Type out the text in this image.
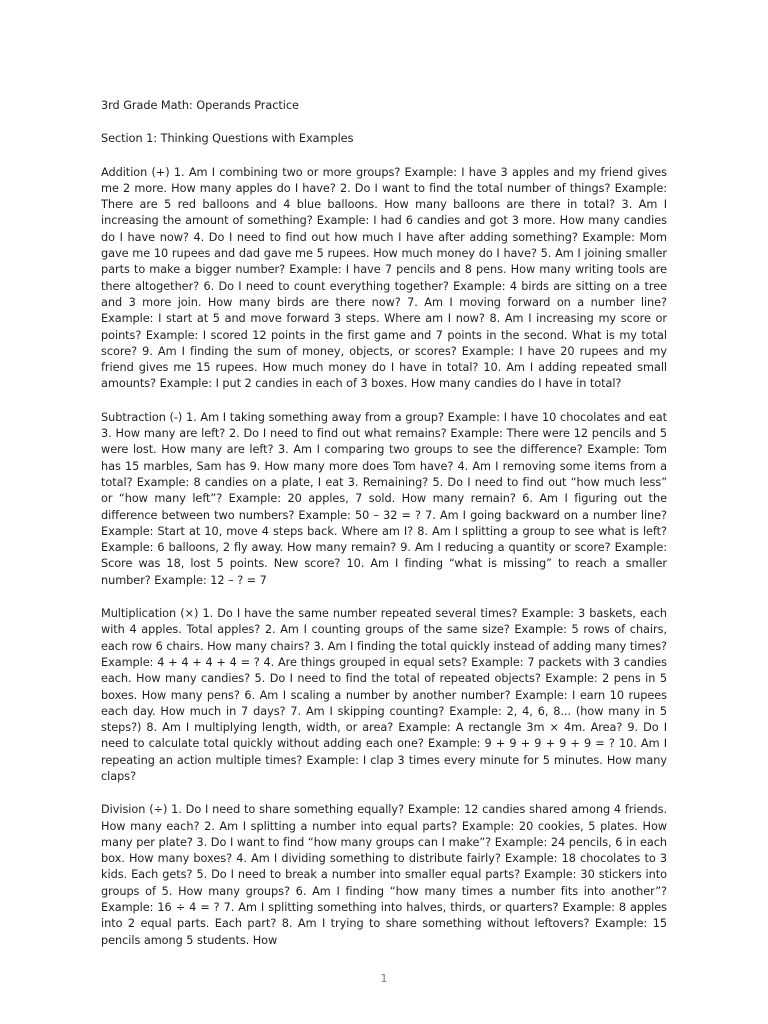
3rd Grade Math: Operands Practice

Section 1: Thinking Questions with Examples

Addition (+) 1. Am I combining two or more groups? Example: I have 3 apples and my friend gives me 2 more. How many apples do I have? 2. Do I want to find the total number of things? Example: There are 5 red balloons and 4 blue balloons. How many balloons are there in total? 3. Am I increasing the amount of something? Example: I had 6 candies and got 3 more. How many candies do I have now? 4. Do I need to find out how much I have after adding something? Example: Mom gave me 10 rupees and dad gave me 5 rupees. How much money do I have? 5. Am I joining smaller parts to make a bigger number? Example: I have 7 pencils and 8 pens. How many writing tools are there altogether? 6. Do I need to count everything together? Example: 4 birds are sitting on a tree and 3 more join. How many birds are there now? 7. Am I moving forward on a number line? Example: I start at 5 and move forward 3 steps. Where am I now? 8. Am I increasing my score or points? Example: I scored 12 points in the first game and 7 points in the second. What is my total score? 9. Am I finding the sum of money, objects, or scores? Example: I have 20 rupees and my friend gives me 15 rupees. How much money do I have in total? 10. Am I adding repeated small amounts? Example: I put 2 candies in each of 3 boxes. How many candies do I have in total?

Subtraction (-) 1. Am I taking something away from a group? Example: I have 10 chocolates and eat 3. How many are left? 2. Do I need to find out what remains? Example: There were 12 pencils and 5 were lost. How many are left? 3. Am I comparing two groups to see the difference? Example: Tom has 15 marbles, Sam has 9. How many more does Tom have? 4. Am I removing some items from a total? Example: 8 candies on a plate, I eat 3. Remaining? 5. Do I need to find out “how much less” or “how many left”? Example: 20 apples, 7 sold. How many remain? 6. Am I figuring out the difference between two numbers? Example: 50 – 32 = ? 7. Am I going backward on a number line? Example: Start at 10, move 4 steps back. Where am I? 8. Am I splitting a group to see what is left? Example: 6 balloons, 2 fly away. How many remain? 9. Am I reducing a quantity or score? Example: Score was 18, lost 5 points. New score? 10. Am I finding “what is missing” to reach a smaller number? Example: 12 – ? = 7

Multiplication (×) 1. Do I have the same number repeated several times? Example: 3 baskets, each with 4 apples. Total apples? 2. Am I counting groups of the same size? Example: 5 rows of chairs, each row 6 chairs. How many chairs? 3. Am I finding the total quickly instead of adding many times? Example: 4 + 4 + 4 + 4 = ? 4. Are things grouped in equal sets? Example: 7 packets with 3 candies each. How many candies? 5. Do I need to find the total of repeated objects? Example: 2 pens in 5 boxes. How many pens? 6. Am I scaling a number by another number? Example: I earn 10 rupees each day. How much in 7 days? 7. Am I skipping counting? Example: 2, 4, 6, 8... (how many in 5 steps?) 8. Am I multiplying length, width, or area? Example: A rectangle 3m × 4m. Area? 9. Do I need to calculate total quickly without adding each one? Example: 9 + 9 + 9 + 9 + 9 = ? 10. Am I repeating an action multiple times? Example: I clap 3 times every minute for 5 minutes. How many claps?

Division (÷) 1. Do I need to share something equally? Example: 12 candies shared among 4 friends. How many each? 2. Am I splitting a number into equal parts? Example: 20 cookies, 5 plates. How many per plate? 3. Do I want to find “how many groups can I make”? Example: 24 pencils, 6 in each box. How many boxes? 4. Am I dividing something to distribute fairly? Example: 18 chocolates to 3 kids. Each gets? 5. Do I need to break a number into smaller equal parts? Example: 30 stickers into groups of 5. How many groups? 6. Am I finding “how many times a number fits into another”? Example: 16 ÷ 4 = ? 7. Am I splitting something into halves, thirds, or quarters? Example: 8 apples into 2 equal parts. Each part? 8. Am I trying to share something without leftovers? Example: 15 pencils among 5 students. How

1
